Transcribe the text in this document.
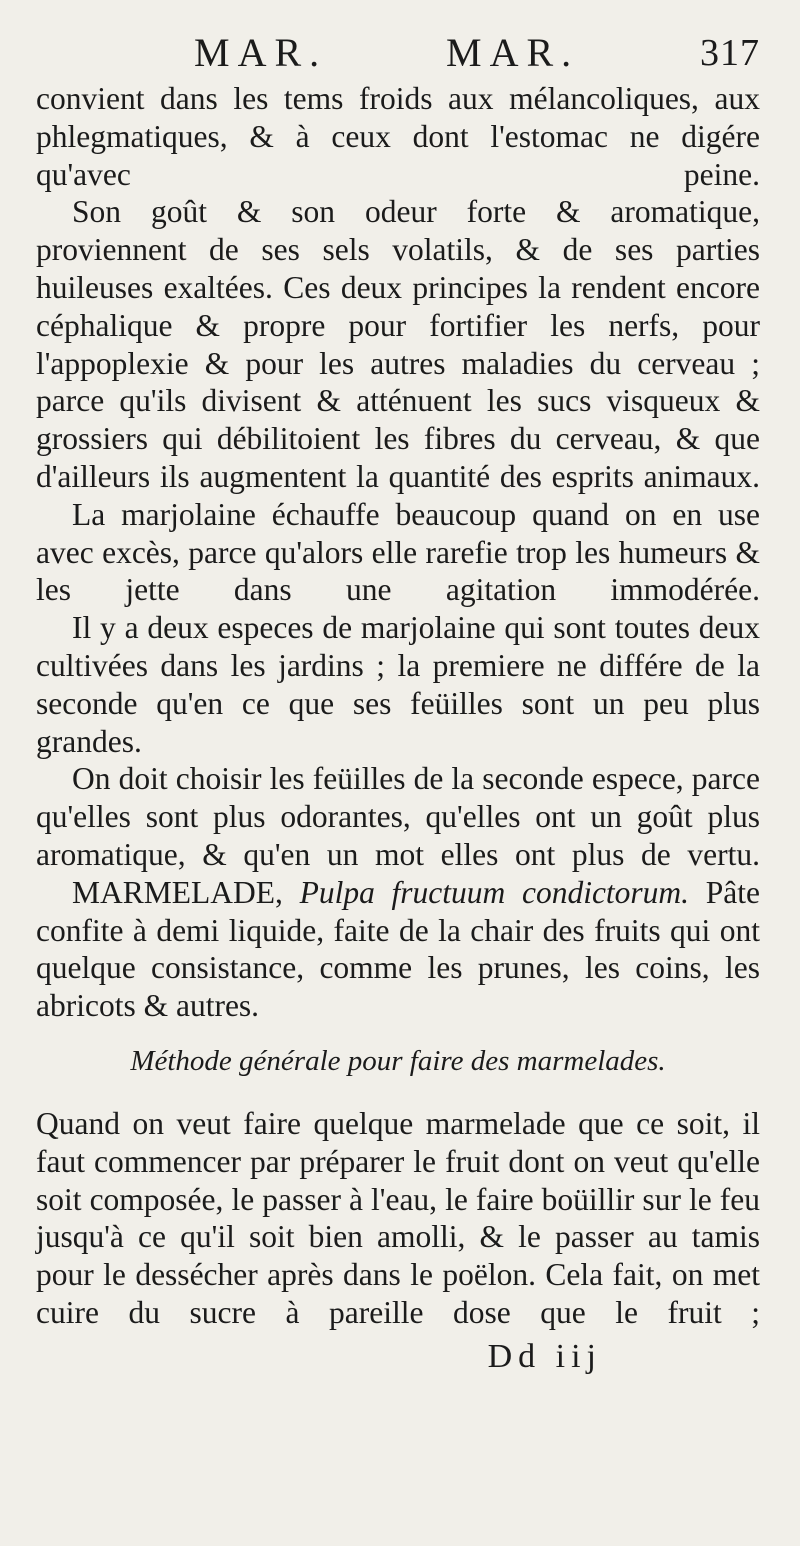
MAR.	MAR.	317

convient dans les tems froids aux mélancoliques, aux phlegmatiques, & à ceux dont l'estomac ne digére qu'avec peine.

Son goût & son odeur forte & aromatique, proviennent de ses sels volatils, & de ses parties huileuses exaltées. Ces deux principes la rendent encore céphalique & propre pour fortifier les nerfs, pour l'appoplexie & pour les autres maladies du cerveau ; parce qu'ils divisent & atténuent les sucs visqueux & grossiers qui débilitoient les fibres du cerveau, & que d'ailleurs ils augmentent la quantité des esprits animaux.

La marjolaine échauffe beaucoup quand on en use avec excès, parce qu'alors elle rarefie trop les humeurs & les jette dans une agitation immodérée.

Il y a deux especes de marjolaine qui sont toutes deux cultivées dans les jardins ; la premiere ne différe de la seconde qu'en ce que ses feüilles sont un peu plus grandes.

On doit choisir les feüilles de la seconde espece, parce qu'elles sont plus odorantes, qu'elles ont un goût plus aromatique, & qu'en un mot elles ont plus de vertu.

MARMELADE, Pulpa fructuum condictorum. Pâte confite à demi liquide, faite de la chair des fruits qui ont quelque consistance, comme les prunes, les coins, les abricots & autres.

Méthode générale pour faire des marmelades.

Quand on veut faire quelque marmelade que ce soit, il faut commencer par préparer le fruit dont on veut qu'elle soit composée, le passer à l'eau, le faire boüillir sur le feu jusqu'à ce qu'il soit bien amolli, & le passer au tamis pour le dessécher après dans le poëlon. Cela fait, on met cuire du sucre à pareille dose que le fruit ;

Dd iij
